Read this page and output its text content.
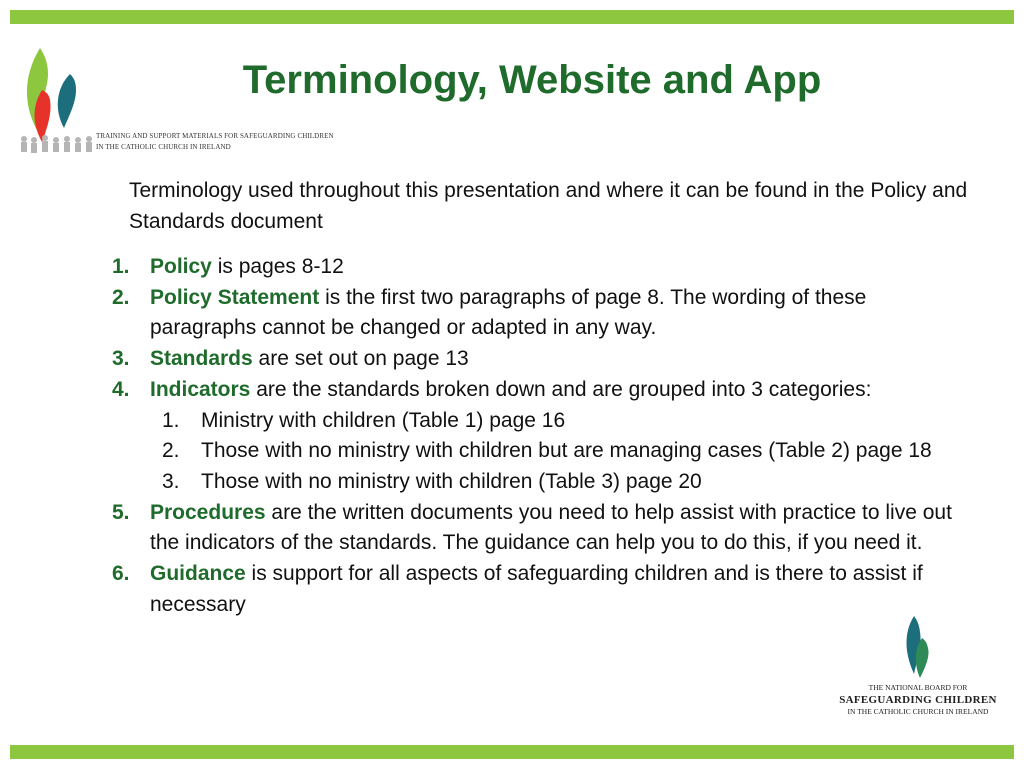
TRAINING AND SUPPORT MATERIALS FOR SAFEGUARDING CHILDREN
IN THE CATHOLIC CHURCH IN IRELAND
Terminology, Website and App
Terminology used throughout this presentation and where it can be found in the Policy and Standards document
1. Policy is pages 8-12
2. Policy Statement is the first two paragraphs of page 8. The wording of these paragraphs cannot be changed or adapted in any way.
3. Standards are set out on page 13
4. Indicators are the standards broken down and are grouped into 3 categories:
1.	Ministry with children (Table 1) page 16
2.	Those with no ministry with children but are managing cases (Table 2) page 18
3.	Those with no ministry with children (Table 3) page 20
5. Procedures are the written documents you need to help assist with practice to live out the indicators of the standards. The guidance can help you to do this, if you need it.
6. Guidance is support for all aspects of safeguarding children and is there to assist if necessary
THE NATIONAL BOARD FOR
SAFEGUARDING CHILDREN
IN THE CATHOLIC CHURCH IN IRELAND
